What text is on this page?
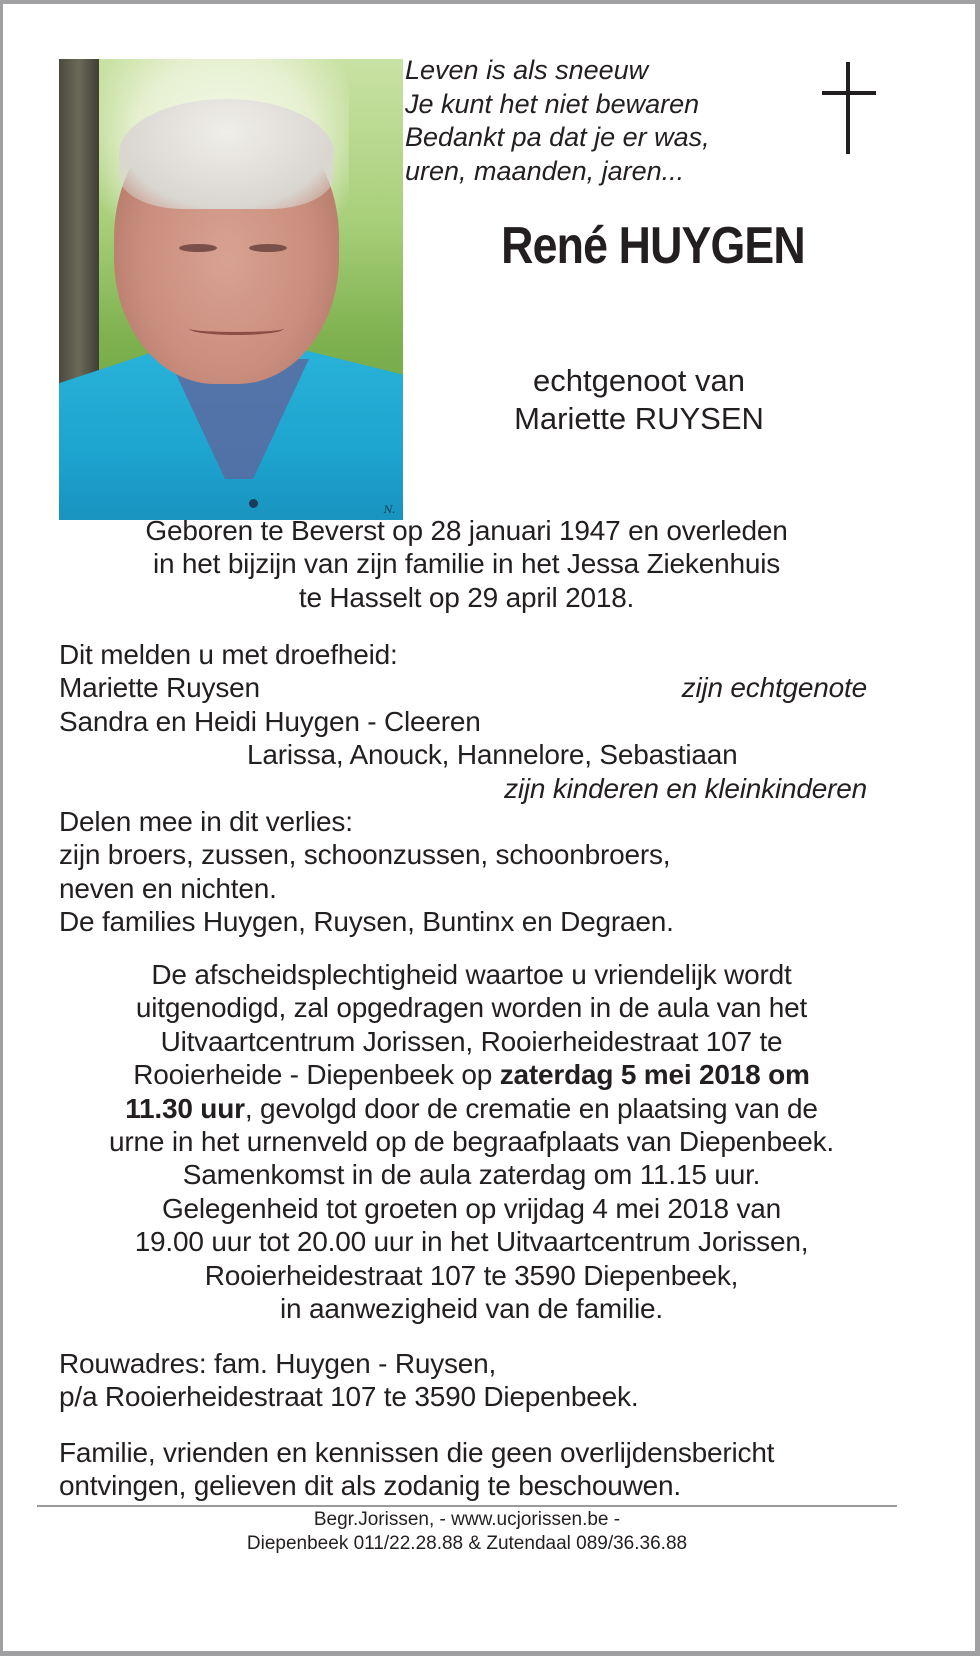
N.
Leven is als sneeuw
Je kunt het niet bewaren
Bedankt pa dat je er was,
uren, maanden, jaren...
René HUYGEN
echtgenoot van
Mariette RUYSEN
Geboren te Beverst op 28 januari 1947 en overleden
in het bijzijn van zijn familie in het Jessa Ziekenhuis
te Hasselt op 29 april 2018.
Dit melden u met droefheid:
Mariette Ruysen	zijn echtgenote
Sandra en Heidi Huygen - Cleeren
Larissa, Anouck, Hannelore, Sebastiaan
zijn kinderen en kleinkinderen
Delen mee in dit verlies:
zijn broers, zussen, schoonzussen, schoonbroers,
neven en nichten.
De families Huygen, Ruysen, Buntinx en Degraen.
De afscheidsplechtigheid waartoe u vriendelijk wordt
uitgenodigd, zal opgedragen worden in de aula van het
Uitvaartcentrum Jorissen, Rooierheidestraat 107 te
Rooierheide - Diepenbeek op zaterdag 5 mei 2018 om
11.30 uur, gevolgd door de crematie en plaatsing van de
urne in het urnenveld op de begraafplaats van Diepenbeek.
Samenkomst in de aula zaterdag om 11.15 uur.
Gelegenheid tot groeten op vrijdag 4 mei 2018 van
19.00 uur tot 20.00 uur in het Uitvaartcentrum Jorissen,
Rooierheidestraat 107 te 3590 Diepenbeek,
in aanwezigheid van de familie.
Rouwadres: fam. Huygen - Ruysen,
p/a Rooierheidestraat 107 te 3590 Diepenbeek.
Familie, vrienden en kennissen die geen overlijdensbericht
ontvingen, gelieven dit als zodanig te beschouwen.
Begr.Jorissen, - www.ucjorissen.be -
Diepenbeek 011/22.28.88 & Zutendaal 089/36.36.88
